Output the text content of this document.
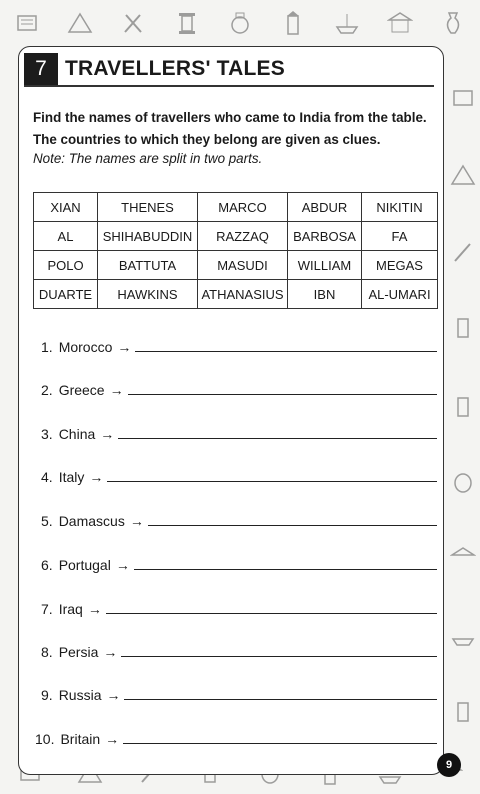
7 TRAVELLERS' TALES
Find the names of travellers who came to India from the table. The countries to which they belong are given as clues.
Note: The names are split in two parts.
XIAN	THENES	MARCO	ABDUR	NIKITIN
AL	SHIHABUDDIN	RAZZAQ	BARBOSA	FA
POLO	BATTUTA	MASUDI	WILLIAM	MEGAS
DUARTE	HAWKINS	ATHANASIUS	IBN	AL-UMARI
1. Morocco →
2. Greece →
3. China →
4. Italy →
5. Damascus →
6. Portugal →
7. Iraq →
8. Persia →
9. Russia →
10. Britain →
9
